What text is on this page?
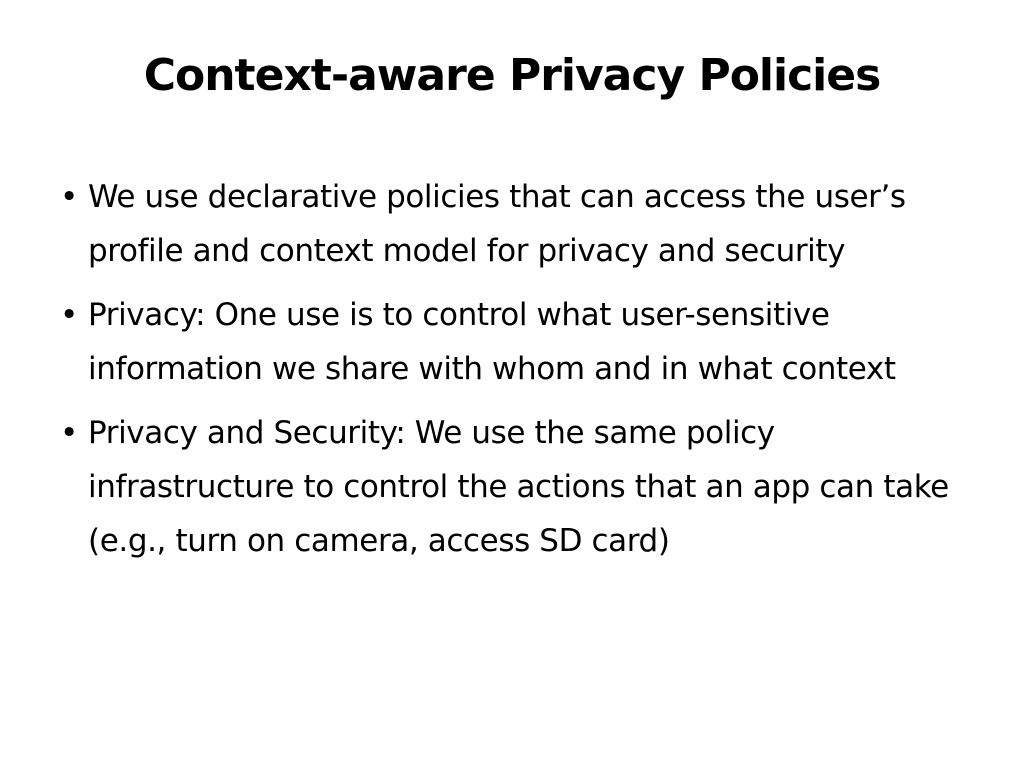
Context-aware Privacy Policies
• We use declarative policies that can access the user’s profile and context model for privacy and security
• Privacy: One use is to control what user-sensitive information we share with whom and in what context
• Privacy and Security: We use the same policy infrastructure to control the actions that an app can take (e.g., turn on camera, access SD card)
